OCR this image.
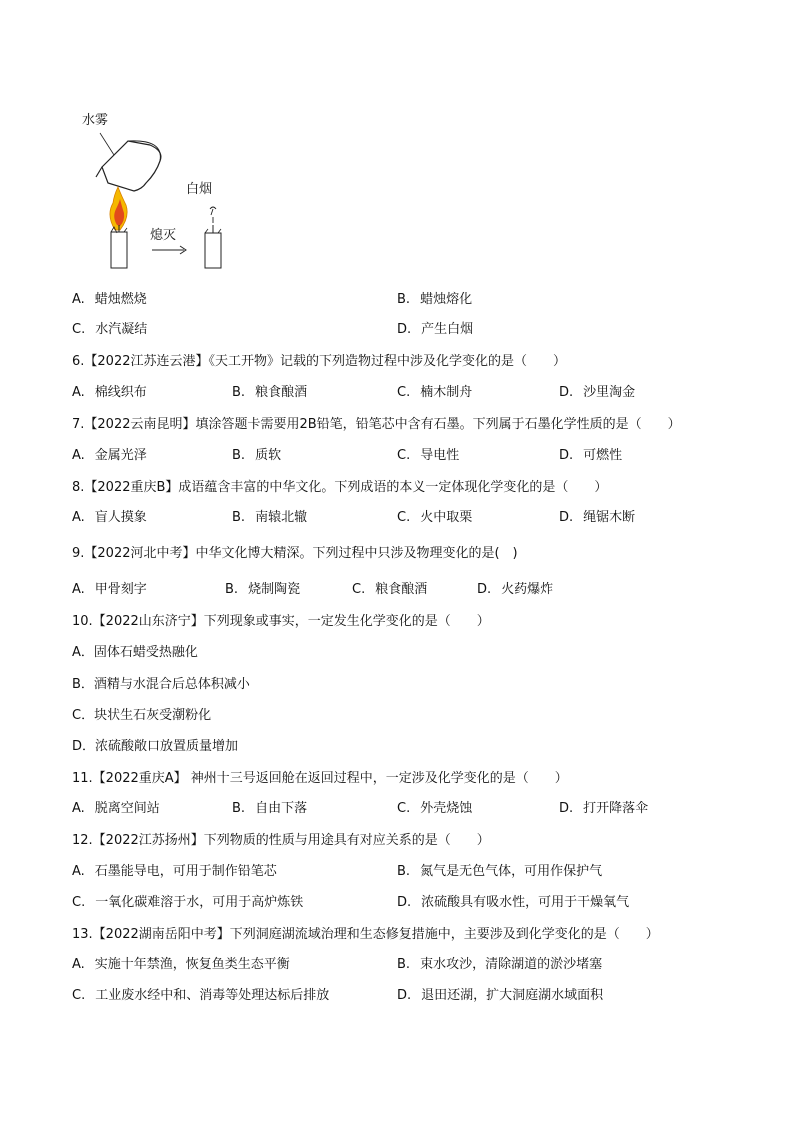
水雾
白烟
熄灭
A. 蜡烛燃烧	B. 蜡烛熔化
C. 水汽凝结	D. 产生白烟
6.【2022江苏连云港】《天工开物》记载的下列造物过程中涉及化学变化的是（　　）
A. 棉线织布	B. 粮食酿酒	C. 楠木制舟	D. 沙里淘金
7.【2022云南昆明】填涂答题卡需要用2B铅笔，铅笔芯中含有石墨。下列属于石墨化学性质的是（　　）
A. 金属光泽	B. 质软	C. 导电性	D. 可燃性
8.【2022重庆B】成语蕴含丰富的中华文化。下列成语的本义一定体现化学变化的是（　　）
A. 盲人摸象	B. 南辕北辙	C. 火中取栗	D. 绳锯木断
9.【2022河北中考】中华文化博大精深。下列过程中只涉及物理变化的是(　)
A. 甲骨刻字	B. 烧制陶瓷	C. 粮食酿酒	D. 火药爆炸
10.【2022山东济宁】下列现象或事实，一定发生化学变化的是（　　）
A．固体石蜡受热融化
B．酒精与水混合后总体积减小
C．块状生石灰受潮粉化
D．浓硫酸敞口放置质量增加
11.【2022重庆A】 神州十三号返回舱在返回过程中，一定涉及化学变化的是（　　）
A. 脱离空间站	B. 自由下落	C. 外壳烧蚀	D. 打开降落伞
12.【2022江苏扬州】下列物质的性质与用途具有对应关系的是（　　）
A. 石墨能导电，可用于制作铅笔芯	B. 氮气是无色气体，可用作保护气
C. 一氧化碳难溶于水，可用于高炉炼铁	D. 浓硫酸具有吸水性，可用于干燥氧气
13.【2022湖南岳阳中考】下列洞庭湖流域治理和生态修复措施中，主要涉及到化学变化的是（　　）
A. 实施十年禁渔，恢复鱼类生态平衡	B. 束水攻沙，清除湖道的淤沙堵塞
C. 工业废水经中和、消毒等处理达标后排放	D. 退田还湖，扩大洞庭湖水域面积
